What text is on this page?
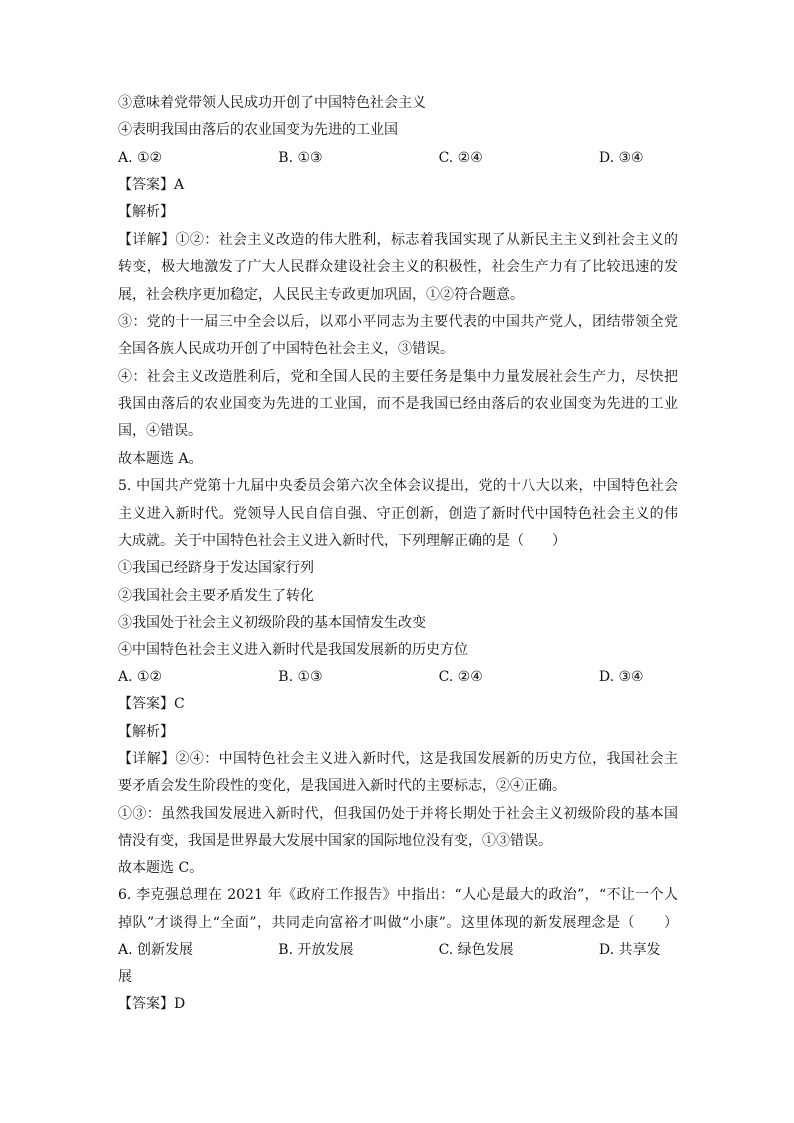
③意味着党带领人民成功开创了中国特色社会主义
④表明我国由落后的农业国变为先进的工业国
A. ①②	B. ①③	C. ②④	D. ③④
【答案】A
【解析】
【详解】①②：社会主义改造的伟大胜利，标志着我国实现了从新民主主义到社会主义的
转变，极大地激发了广大人民群众建设社会主义的积极性，社会生产力有了比较迅速的发
展，社会秩序更加稳定，人民民主专政更加巩固，①②符合题意。
③：党的十一届三中全会以后，以邓小平同志为主要代表的中国共产党人，团结带领全党
全国各族人民成功开创了中国特色社会主义，③错误。
④：社会主义改造胜利后，党和全国人民的主要任务是集中力量发展社会生产力，尽快把
我国由落后的农业国变为先进的工业国，而不是我国已经由落后的农业国变为先进的工业
国，④错误。
故本题选 A。
5. 中国共产党第十九届中央委员会第六次全体会议提出，党的十八大以来，中国特色社会
主义进入新时代。党领导人民自信自强、守正创新，创造了新时代中国特色社会主义的伟
大成就。关于中国特色社会主义进入新时代，下列理解正确的是（　　）
①我国已经跻身于发达国家行列
②我国社会主要矛盾发生了转化
③我国处于社会主义初级阶段的基本国情发生改变
④中国特色社会主义进入新时代是我国发展新的历史方位
A. ①②	B. ①③	C. ②④	D. ③④
【答案】C
【解析】
【详解】②④：中国特色社会主义进入新时代，这是我国发展新的历史方位，我国社会主
要矛盾会发生阶段性的变化，是我国进入新时代的主要标志，②④正确。
①③：虽然我国发展进入新时代，但我国仍处于并将长期处于社会主义初级阶段的基本国
情没有变，我国是世界最大发展中国家的国际地位没有变，①③错误。
故本题选 C。
6. 李克强总理在 2021 年《政府工作报告》中指出：“人心是最大的政治”，“不让一个人
掉队”才谈得上“全面”，共同走向富裕才叫做“小康”。这里体现的新发展理念是（　　）
A. 创新发展	B. 开放发展	C. 绿色发展	D. 共享发
展
【答案】D
